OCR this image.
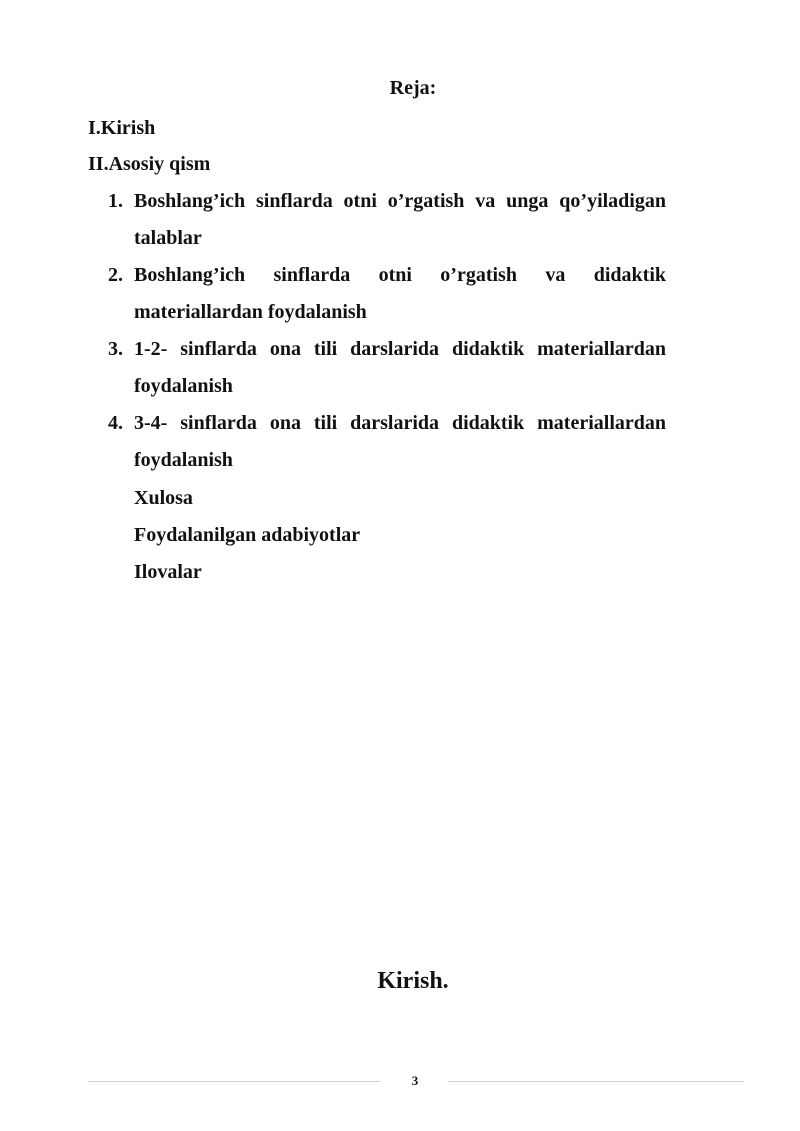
Reja:
I.Kirish
II.Asosiy qism
1. Boshlang’ich sinflarda otni o’rgatish va unga qo’yiladigan talablar
2. Boshlang’ich sinflarda otni o’rgatish va didaktik materiallardan foydalanish
3. 1-2- sinflarda ona tili darslarida didaktik materiallardan foydalanish
4. 3-4- sinflarda ona tili darslarida didaktik materiallardan foydalanish
Xulosa
Foydalanilgan adabiyotlar
Ilovalar
Kirish.
3
